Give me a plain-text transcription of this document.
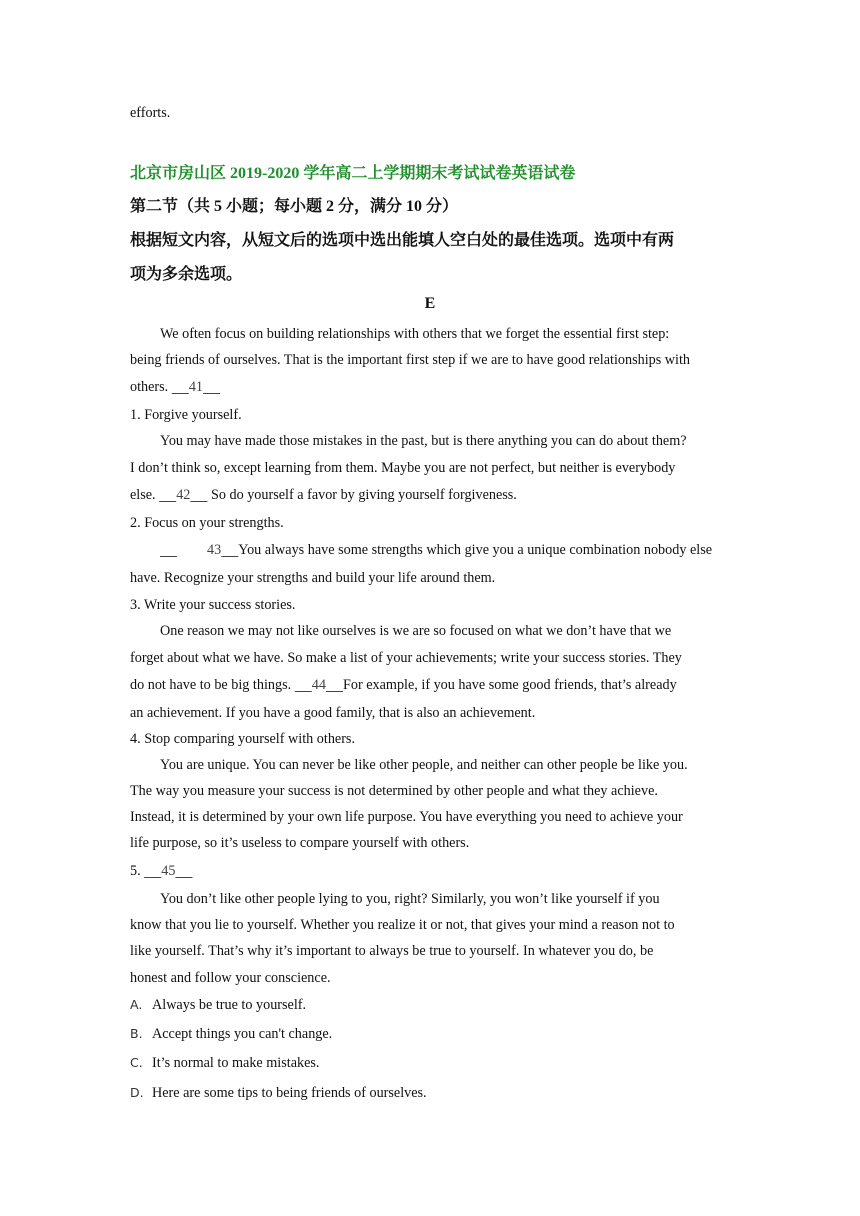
efforts.
北京市房山区 2019-2020 学年高二上学期期末考试试卷英语试卷
第二节（共 5 小题；每小题 2 分，满分 10 分）
根据短文内容，从短文后的选项中选出能填人空白处的最佳选项。选项中有两
项为多余选项。
E
We often focus on building relationships with others that we forget the essential first step:
being friends of ourselves. That is the important first step if we are to have good relationships with
others.    41   
1. Forgive yourself.
You may have made those mistakes in the past, but is there anything you can do about them?
I don’t think so, except learning from them. Maybe you are not perfect, but neither is everybody
else.    42    So do yourself a favor by giving yourself forgiveness.
2. Focus on your strengths.
   43    You always have some strengths which give you a unique combination nobody else
have. Recognize your strengths and build your life around them.
3. Write your success stories.
One reason we may not like ourselves is we are so focused on what we don’t have that we
forget about what we have. So make a list of your achievements; write your success stories. They
do not have to be big things.    44    For example, if you have some good friends, that’s already
an achievement. If you have a good family, that is also an achievement.
4. Stop comparing yourself with others.
You are unique. You can never be like other people, and neither can other people be like you.
The way you measure your success is not determined by other people and what they achieve.
Instead, it is determined by your own life purpose. You have everything you need to achieve your
life purpose, so it’s useless to compare yourself with others.
5.    45   
You don’t like other people lying to you, right? Similarly, you won’t like yourself if you
know that you lie to yourself. Whether you realize it or not, that gives your mind a reason not to
like yourself. That’s why it’s important to always be true to yourself. In whatever you do, be
honest and follow your conscience.
A. Always be true to yourself.
B. Accept things you can't change.
C. It’s normal to make mistakes.
D. Here are some tips to being friends of ourselves.
